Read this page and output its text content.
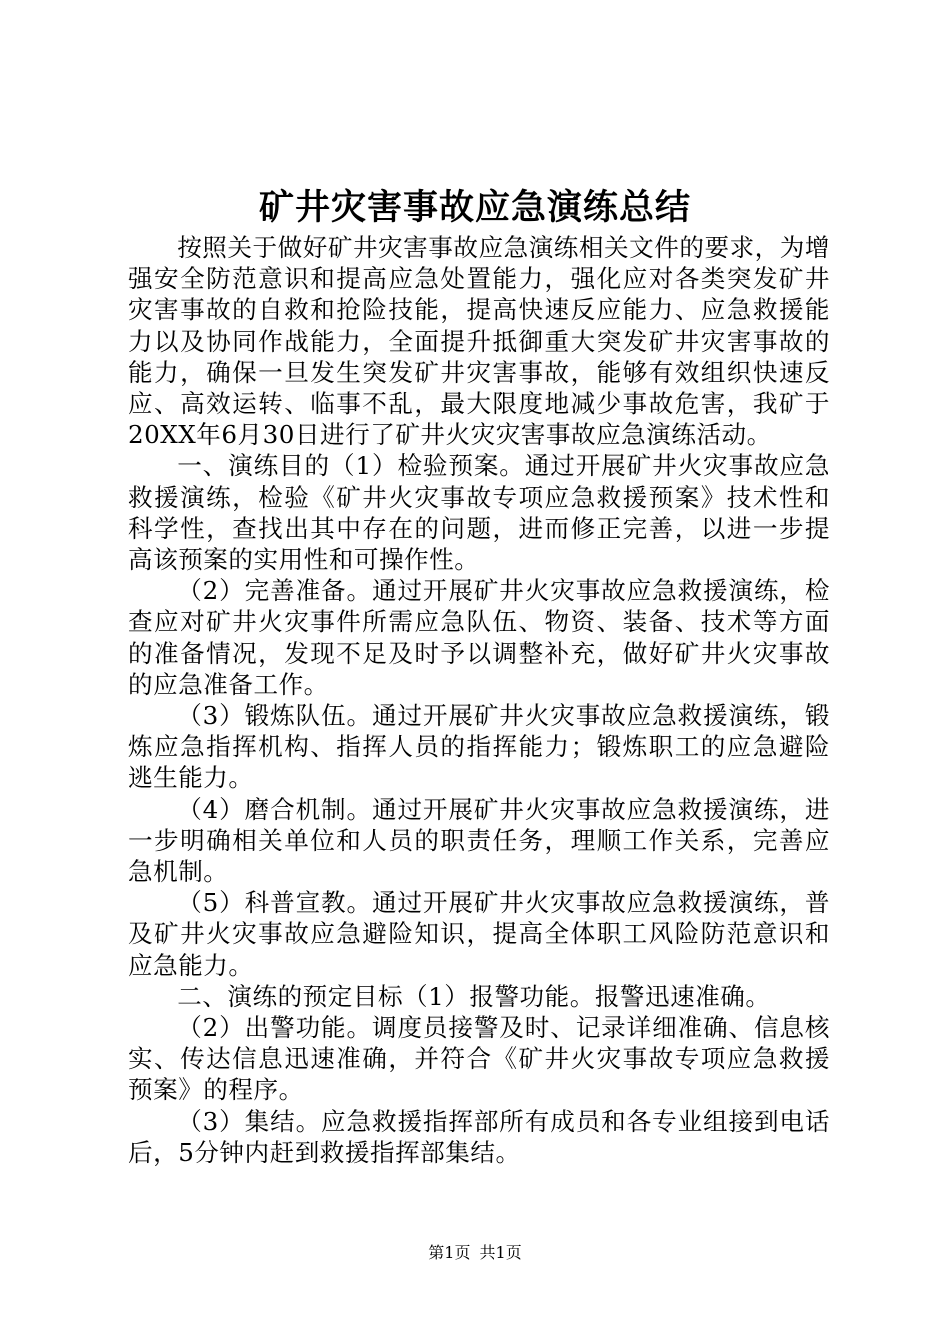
矿井灾害事故应急演练总结

按照关于做好矿井灾害事故应急演练相关文件的要求，为增强安全防范意识和提高应急处置能力，强化应对各类突发矿井灾害事故的自救和抢险技能，提高快速反应能力、应急救援能力以及协同作战能力，全面提升抵御重大突发矿井灾害事故的能力，确保一旦发生突发矿井灾害事故，能够有效组织快速反应、高效运转、临事不乱，最大限度地减少事故危害，我矿于20XX年6月30日进行了矿井火灾灾害事故应急演练活动。

一、演练目的（1）检验预案。通过开展矿井火灾事故应急救援演练，检验《矿井火灾事故专项应急救援预案》技术性和科学性，查找出其中存在的问题，进而修正完善，以进一步提高该预案的实用性和可操作性。

（2）完善准备。通过开展矿井火灾事故应急救援演练，检查应对矿井火灾事件所需应急队伍、物资、装备、技术等方面的准备情况，发现不足及时予以调整补充，做好矿井火灾事故的应急准备工作。

（3）锻炼队伍。通过开展矿井火灾事故应急救援演练，锻炼应急指挥机构、指挥人员的指挥能力；锻炼职工的应急避险逃生能力。

（4）磨合机制。通过开展矿井火灾事故应急救援演练，进一步明确相关单位和人员的职责任务，理顺工作关系，完善应急机制。

（5）科普宣教。通过开展矿井火灾事故应急救援演练，普及矿井火灾事故应急避险知识，提高全体职工风险防范意识和应急能力。

二、演练的预定目标（1）报警功能。报警迅速准确。

（2）出警功能。调度员接警及时、记录详细准确、信息核实、传达信息迅速准确，并符合《矿井火灾事故专项应急救援预案》的程序。

（3）集结。应急救援指挥部所有成员和各专业组接到电话后，5分钟内赶到救援指挥部集结。

第1页 共1页
